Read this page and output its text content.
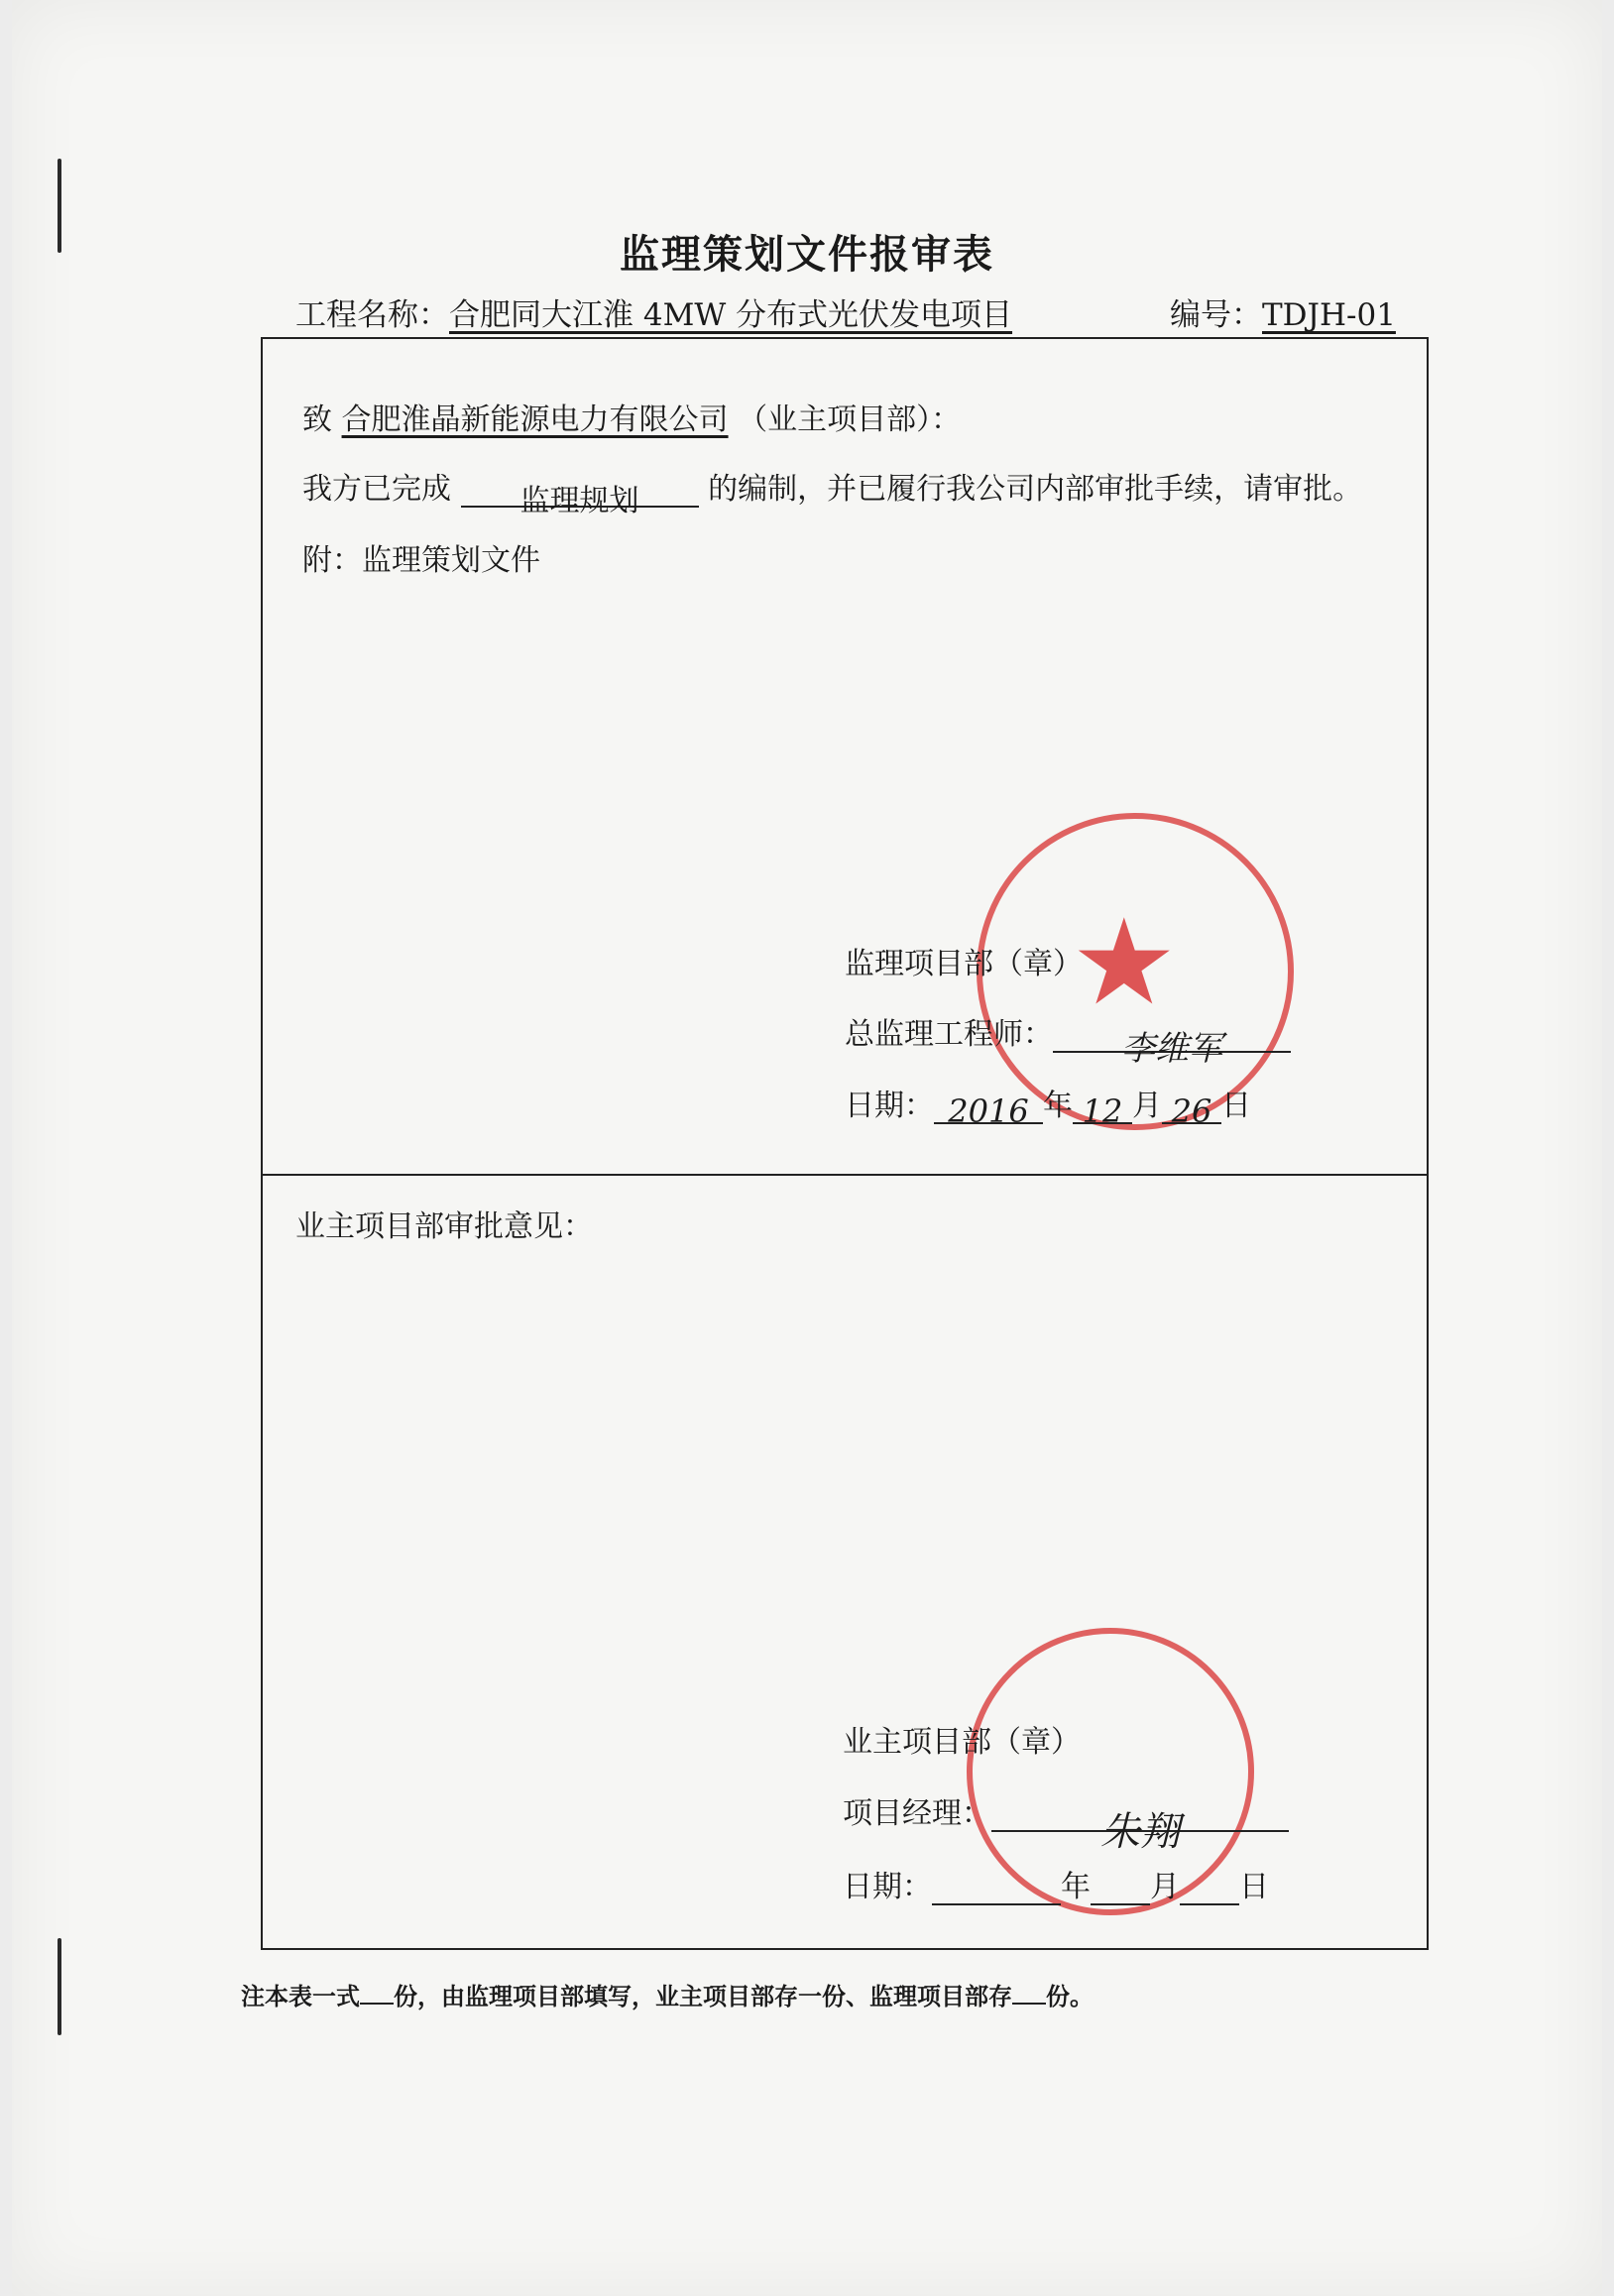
监理策划文件报审表
工程名称：合肥同大江淮 4MW 分布式光伏发电项目	编号：TDJH-01
致 合肥淮晶新能源电力有限公司 （业主项目部）：
我方已完成 监理规划 的编制，并已履行我公司内部审批手续，请审批。
附：监理策划文件
★
监理项目部（章）
总监理工程师： 李维军
日期： 2016 年 12 月 26 日
业主项目部审批意见：
业主项目部（章）
项目经理：	朱翔
日期：	年 月 日
注本表一式 份，由监理项目部填写，业主项目部存一份、监理项目部存 份。
